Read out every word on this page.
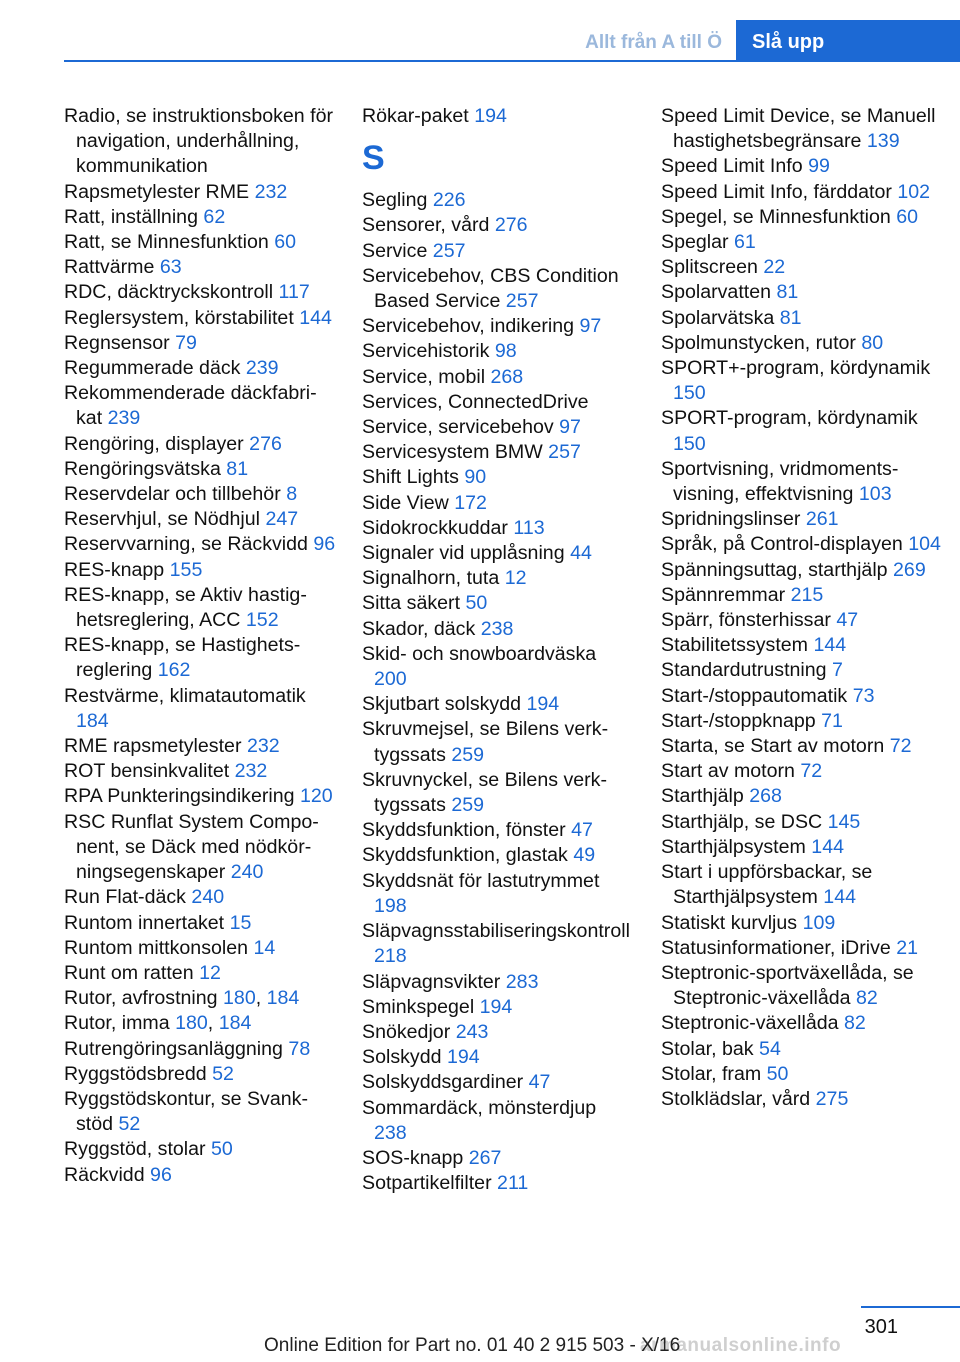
Allt från A till Ö	Slå upp
Radio, se instruktionsboken för navigation, underhållning, kommunikation
Rapsmetylester RME 232
Ratt, inställning 62
Ratt, se Minnesfunktion 60
Rattvärme 63
RDC, däcktryckskontroll 117
Reglersystem, körstabilitet 144
Regnsensor 79
Regummerade däck 239
Rekommenderade däckfabrikat 239
Rengöring, displayer 276
Rengöringsvätska 81
Reservdelar och tillbehör 8
Reservhjul, se Nödhjul 247
Reservvarning, se Räckvidd 96
RES-knapp 155
RES-knapp, se Aktiv hastighetsreglering, ACC 152
RES-knapp, se Hastighetsreglering 162
Restvärme, klimatautomatik 184
RME rapsmetylester 232
ROT bensinkvalitet 232
RPA Punkteringsindikering 120
RSC Runflat System Component, se Däck med nödkörningsegenskaper 240
Run Flat-däck 240
Runtom innertaket 15
Runtom mittkonsolen 14
Runt om ratten 12
Rutor, avfrostning 180, 184
Rutor, imma 180, 184
Rutrengöringsanläggning 78
Ryggstödsbredd 52
Ryggstödskontur, se Svankstöd 52
Ryggstöd, stolar 50
Räckvidd 96
Rökar-paket 194
S
Segling 226
Sensorer, vård 276
Service 257
Servicebehov, CBS Condition Based Service 257
Servicebehov, indikering 97
Servicehistorik 98
Service, mobil 268
Services, ConnectedDrive
Service, servicebehov 97
Servicesystem BMW 257
Shift Lights 90
Side View 172
Sidokrockkuddar 113
Signaler vid upplåsning 44
Signalhorn, tuta 12
Sitta säkert 50
Skador, däck 238
Skid- och snowboardväska 200
Skjutbart solskydd 194
Skruvmejsel, se Bilens verktygssats 259
Skruvnyckel, se Bilens verktygssats 259
Skyddsfunktion, fönster 47
Skyddsfunktion, glastak 49
Skyddsnät för lastutrymmet 198
Släpvagnsstabiliseringskontroll 218
Släpvagnsvikter 283
Sminkspegel 194
Snökedjor 243
Solskydd 194
Solskyddsgardiner 47
Sommardäck, mönsterdjup 238
SOS-knapp 267
Sotpartikelfilter 211
Speed Limit Device, se Manuell hastighetsbegränsare 139
Speed Limit Info 99
Speed Limit Info, färddator 102
Spegel, se Minnesfunktion 60
Speglar 61
Splitscreen 22
Spolarvatten 81
Spolarvätska 81
Spolmunstycken, rutor 80
SPORT+-program, kördynamik 150
SPORT-program, kördynamik 150
Sportvisning, vridmomentsvisning, effektvisning 103
Spridningslinser 261
Språk, på Control-displayen 104
Spänningsuttag, starthjälp 269
Spännremmar 215
Spärr, fönsterhissar 47
Stabilitetssystem 144
Standardutrustning 7
Start-/stoppautomatik 73
Start-/stoppknapp 71
Starta, se Start av motorn 72
Start av motorn 72
Starthjälp 268
Starthjälp, se DSC 145
Starthjälpsystem 144
Start i uppförsbackar, se Starthjälpsystem 144
Statiskt kurvljus 109
Statusinformationer, iDrive 21
Steptronic-sportväxellåda, se Steptronic-växellåda 82
Steptronic-växellåda 82
Stolar, bak 54
Stolar, fram 50
Stolklädslar, vård 275
301
armanualsonline.info
Online Edition for Part no. 01 40 2 915 503 - X/16
